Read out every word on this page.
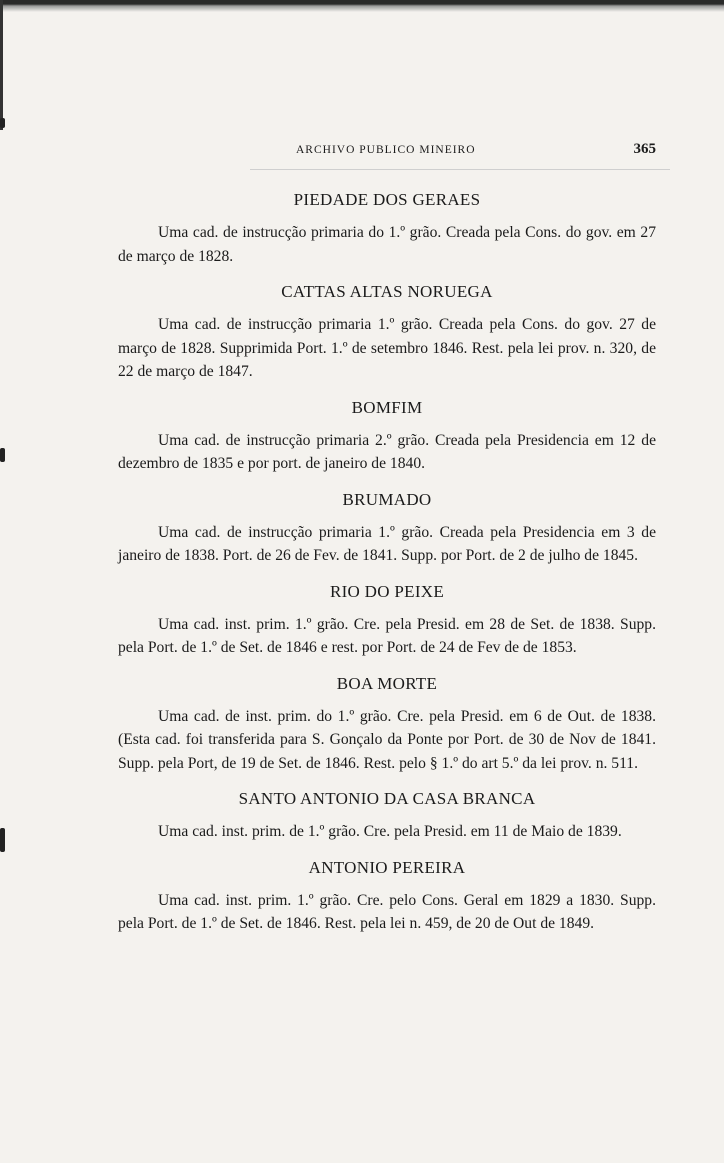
ARCHIVO PUBLICO MINEIRO	365
PIEDADE DOS GERAES

Uma cad. de instrucção primaria do 1.º grão. Creada pela Cons. do gov. em 27 de março de 1828.

CATTAS ALTAS NORUEGA

Uma cad. de instrucção primaria 1.º grão. Creada pela Cons. do gov. 27 de março de 1828. Supprimida Port. 1.º de setembro 1846. Rest. pela lei prov. n. 320, de 22 de março de 1847.

BOMFIM

Uma cad. de instrucção primaria 2.º grão. Creada pela Presidencia em 12 de dezembro de 1835 e por port. de janeiro de 1840.

BRUMADO

Uma cad. de instrucção primaria 1.º grão. Creada pela Presidencia em 3 de janeiro de 1838. Port. de 26 de Fev. de 1841. Supp. por Port. de 2 de julho de 1845.

RIO DO PEIXE

Uma cad. inst. prim. 1.º grão. Cre. pela Presid. em 28 de Set. de 1838. Supp. pela Port. de 1.º de Set. de 1846 e rest. por Port. de 24 de Fev de de 1853.

BOA MORTE

Uma cad. de inst. prim. do 1.º grão. Cre. pela Presid. em 6 de Out. de 1838. (Esta cad. foi transferida para S. Gonçalo da Ponte por Port. de 30 de Nov de 1841. Supp. pela Port, de 19 de Set. de 1846. Rest. pelo § 1.º do art 5.º da lei prov. n. 511.

SANTO ANTONIO DA CASA BRANCA

Uma cad. inst. prim. de 1.º grão. Cre. pela Presid. em 11 de Maio de 1839.

ANTONIO PEREIRA

Uma cad. inst. prim. 1.º grão. Cre. pelo Cons. Geral em 1829 a 1830. Supp. pela Port. de 1.º de Set. de 1846. Rest. pela lei n. 459, de 20 de Out de 1849.
